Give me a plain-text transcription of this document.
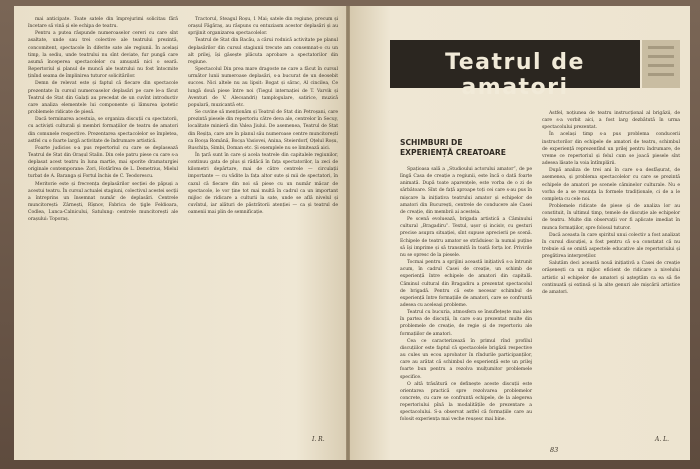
mai anticipate. Toate satele din împrejurimi solicitau fără încetare să vină și ele echipa de teatru.

Pentru a putea răspunde numeroaselor cereri cu care sînt asaltate, unde sau trei colective ale teatrului prezintă, concomitent, spectacole în diferite sate ale regiunii. În același timp, la sediu, unde teatrului nu sînt deviate, fur pungă care asumă începerea spectacolelor cu amușată nici o seară. Repertoriul și planul de muncă ale teatrului nu fost întocmite ținînd seama de împlinirea tuturor solicitărilor.

Demn de relevat este și faptul că fiecare din spectacole prezentate în cursul numeroaselor deplasări pe care le-a făcut Teatrul de Stat din Galați au precedat de un cuvînt introductiv care analiza elementele lui componente și lămurea ipotetic problemele ridicate de piesă.

Dacă terminarea acestuia, se organiza discuții cu spectatorii, cu activiști culturali și membri formațiilor de teatru de amatori din comunele respective. Prezentarea spectacolelor se împletea, astfel cu o foarte largă activitate de îndrumare artistică.

Foarte judicios s-a pus repertoriul cu care se deplasează Teatrul de Stat din Orașul Stalin. Din cele patru piese cu care s-a deplasat acest teatru în luna martie, mai sporite dramaturgiei originale contemporane: Zori, Hotărîrea de L. Demetrius, Mielul turbat de A. Baranga și Fortul închis de C. Teodorescu.

Meritorie este și frecvența deplasărilor secției de păpuși a acestui teatru. În cursul actualei stagiuni, colectivul acestei secții a întreprins un însemnat număr de deplasări. Centrele muncitorești: Zărnești, Rîșnov, Fabrica de țigle Feldioara, Codlea, Lunca-Calnicului, Satulung: centrele muncitorești ale orașului: Toporaș.

Tractorul, Steagul Roșu, 1 Mai; satele din regiune, precum și orașul Făgăraș, au răspuns cu entuziasm acestor deplasări și au sprijinit organizarea spectacolelor.

Teatrul de Stat din Bacău, a cărui rodnică activitate pe planul deplasărilor din cursul stagiunii trecute am consemnat-o cu un alt prilej, își găsește plăcuta aprobare a spectatorilor din regiune.

Spectacolul Din prea mare dragoste ne care a făcut în cursul următor lunii numeroase deplasări, s-a bucurat de un deosebit succes. Nici altele nu au lipsit: Bogat și sărac, Al cincilea, Ce lungă două piese între noi (Tiegul internației de T. Varvik și Aventuri de V. Alecsandri) tamplogulare, satirice, muzică populară, muzicantă etc.

Se cuvine să menționăm și Teatrul de Stat din Petroșani, care prezintă piesele din repertoriu către deva ale, centrelor în Secuy, localitate minieră din Valea Jiului. De asemenea, Teatrul de Stat din Reșița, care are în planul său numeroase centre muncitorești ca Bocșa Română, Bocșa Vasiovei, Anina, Steierdorf, Oțelul Roșu, Ruschița, Simbi, Doman etc. Și exemplele nu se limitează aici.

În ţară sunt în care și acela teatrele din capitalele regiunilor, continuu gata de plus și rădăcă în fața spectatorilor, la zeci de kilometri depărtare, mai de către centrele — circulații importante — cu vădite la fața altor sute și mii de spectatori, în cazul că fiecare din noi să piese cu un număr măcar de spectacole, le vor ține tot mai multă în cadrul ca un important mijloc de ridicare a culturii la sate, unde se află nivelul și cuvîntul, iar alături de păstrătorii atenției — ca și teatrul de oamenii mai plin de semnificație.

I. R.
Teatrul de amatori
SCHIMBURI DE EXPERIENȚĂ CREATOARE

Spațioasa sală a „Studioului actorului amator”, de pe lîngă Casa de creație a regiunii, este încă o dată foarte animată. După toate aparențele, este vorba de o zi de sărbătoare. Sînt de față aproape toți cei care s-au pus în mișcare la inițiativa teatrului amator și echipelor de amatori din București, centrele de conducere ale Casei de creație, din membrii ai acesteia.

Pe scenă evoluează, brigada artistică a Căminului cultural „Bragadiru”. Textul, ușor și incisiv, cu gesturi precise asupra situației, sînt supuse aprecierii pe scenă. Echipele de teatru amator se străduiesc la numai puține să își imprime și să transmită în toată forța lor. Privirile nu se opresc de la piesele.

Tocmai pentru a sprijini această inițiativă s-a întrunit acum, în cadrul Casei de creație, un schimb de experiență între echipele de amatori din capitală. Căminul cultural din Bragadiru a prezentat spectacolul de brigadă. Pentru că este necesar schimbul de experiență între formațiile de amatori, care se confruntă adesea cu aceleași probleme.

Teatrul cu bucuria, atmosfera se însuflețește mai ales în partea de discuții, în care s-au prezentat multe din problemele de creație, de regie și de repertoriu ale formațiilor de amatori.

Cea ce caracterizează în primul rînd profilul discuțiilor este faptul că spectacolele brigăzii respective au cules un ecou aprobator în rîndurile participanților, care au arătat că schimbul de experiență este un prilej foarte bun pentru a rezolva mulțumitor problemele specifice.

O altă trăsătură ce definește aceste discuții este orientarea practică spre rezolvarea problemelor concrete, cu care se confruntă echipele, de la alegerea repertoriului pînă la modalitățile de prezentare a spectacolului. S-a observat astfel că formațiile care au folosit experiența mai veche reușesc mai bine.

Astfel, noțiunea de teatru instrucțional al brigăzii, de care s-a vorbit aici, a fost larg dezbătută în urma spectacolului prezentat.

În același timp s-a pus problema conducerii instructorilor din echipele de amatori de teatru, schimbul de experiență reprezentînd un prilej pentru îndrumare, de vreme ce repertoriul și felul cum se joacă piesele sînt adesea lăsate la voia întîmplării.

După analiza de trei ani în care s-a desfășurat, de asemenea, și problema spectacolelor cu care se prezintă echipele de amatori pe scenele căminelor culturale. Nu e vorba de a se renunța la formele tradiționale, ci de a le completa cu cele noi.

Problemele ridicate de piese și de analiza lor au constituit, în ultimul timp, temele de discuție ale echipelor de teatru. Multe din observații vor fi aplicate imediat în munca formațiilor, spre folosul tuturor.

Dacă aceasta în care spiritul unui colectiv a fost analizat în cursul discuției, a fost pentru că s-a constatat că nu trebuie să se omită aspectele educative ale repertoriului și pregătirea interpreților.

Salutăm deci această nouă inițiativă a Casei de creație orășenești ca un mijloc eficient de ridicare a nivelului artistic al echipelor de amatori și așteptăm ca ea să fie continuată și extinsă și la alte genuri ale mișcării artistice de amatori.

A. L.
83
